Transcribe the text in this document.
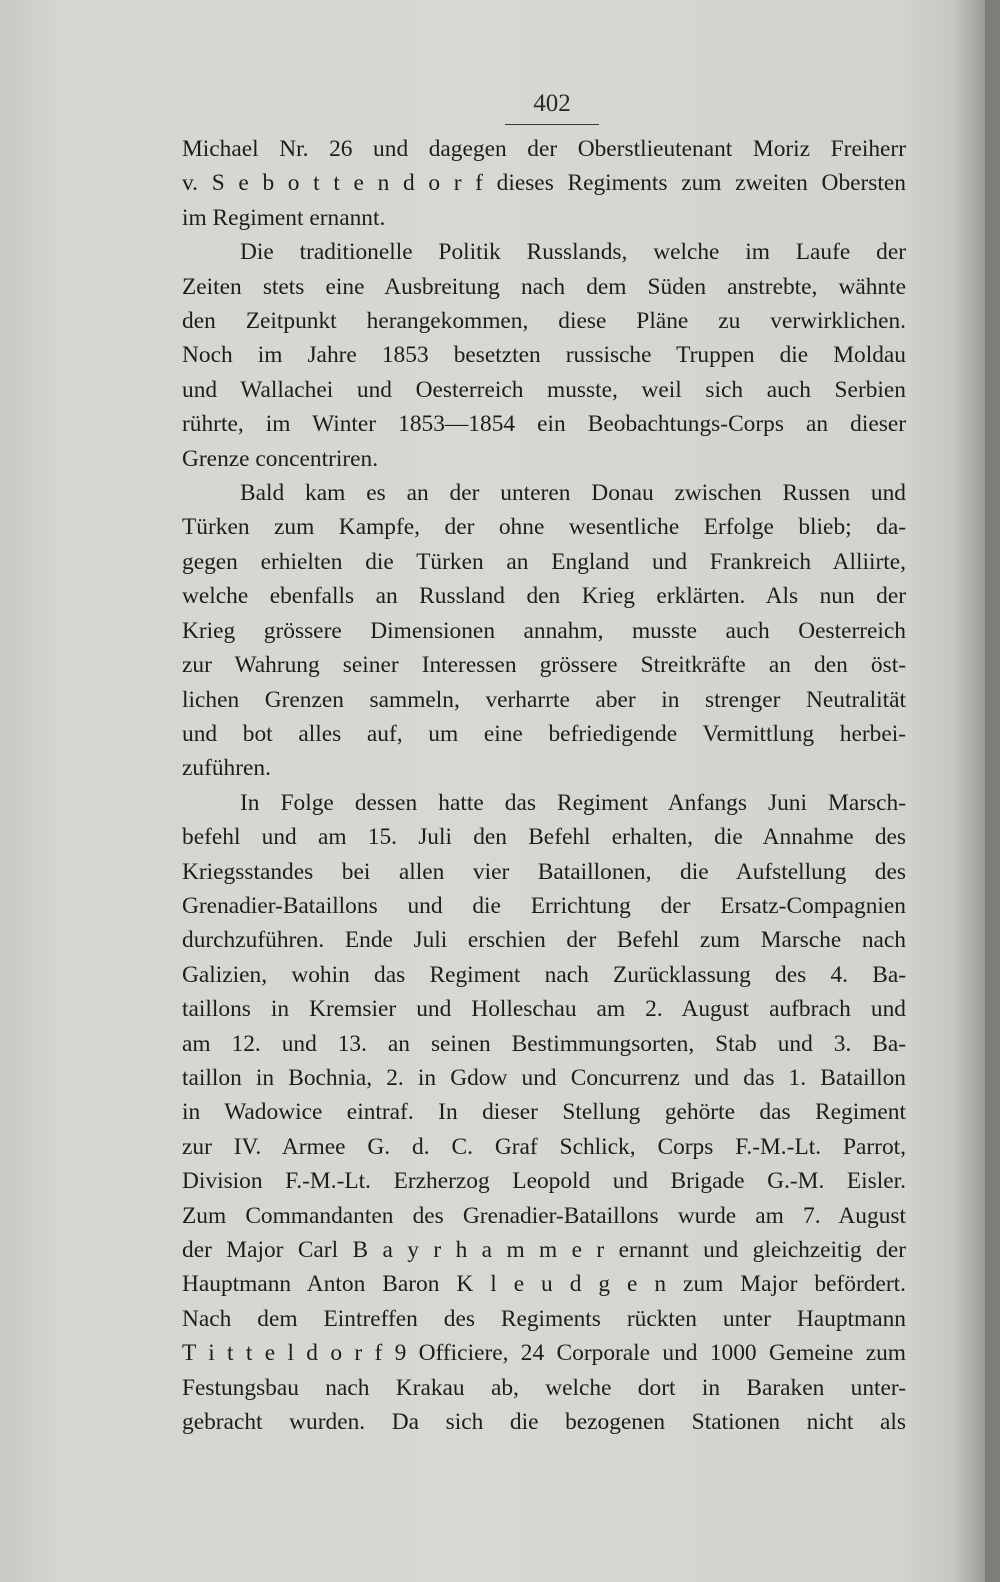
402
Michael Nr. 26 und dagegen der Oberstlieutenant Moriz Freiherr
v. S e b o t t e n d o r f dieses Regiments zum zweiten Obersten
im Regiment ernannt.
Die traditionelle Politik Russlands, welche im Laufe der
Zeiten stets eine Ausbreitung nach dem Süden anstrebte, wähnte
den Zeitpunkt herangekommen, diese Pläne zu verwirklichen.
Noch im Jahre 1853 besetzten russische Truppen die Moldau
und Wallachei und Oesterreich musste, weil sich auch Serbien
rührte, im Winter 1853—1854 ein Beobachtungs-Corps an dieser
Grenze concentriren.
Bald kam es an der unteren Donau zwischen Russen und
Türken zum Kampfe, der ohne wesentliche Erfolge blieb; da-
gegen erhielten die Türken an England und Frankreich Alliirte,
welche ebenfalls an Russland den Krieg erklärten. Als nun der
Krieg grössere Dimensionen annahm, musste auch Oesterreich
zur Wahrung seiner Interessen grössere Streitkräfte an den öst-
lichen Grenzen sammeln, verharrte aber in strenger Neutralität
und bot alles auf, um eine befriedigende Vermittlung herbei-
zuführen.
In Folge dessen hatte das Regiment Anfangs Juni Marsch-
befehl und am 15. Juli den Befehl erhalten, die Annahme des
Kriegsstandes bei allen vier Bataillonen, die Aufstellung des
Grenadier-Bataillons und die Errichtung der Ersatz-Compagnien
durchzuführen. Ende Juli erschien der Befehl zum Marsche nach
Galizien, wohin das Regiment nach Zurücklassung des 4. Ba-
taillons in Kremsier und Holleschau am 2. August aufbrach und
am 12. und 13. an seinen Bestimmungsorten, Stab und 3. Ba-
taillon in Bochnia, 2. in Gdow und Concurrenz und das 1. Bataillon
in Wadowice eintraf. In dieser Stellung gehörte das Regiment
zur IV. Armee G. d. C. Graf Schlick, Corps F.-M.-Lt. Parrot,
Division F.-M.-Lt. Erzherzog Leopold und Brigade G.-M. Eisler.
Zum Commandanten des Grenadier-Bataillons wurde am 7. August
der Major Carl B a y r h a m m e r ernannt und gleichzeitig der
Hauptmann Anton Baron K l e u d g e n zum Major befördert.
Nach dem Eintreffen des Regiments rückten unter Hauptmann
T i t t e l d o r f 9 Officiere, 24 Corporale und 1000 Gemeine zum
Festungsbau nach Krakau ab, welche dort in Baraken unter-
gebracht wurden. Da sich die bezogenen Stationen nicht als
